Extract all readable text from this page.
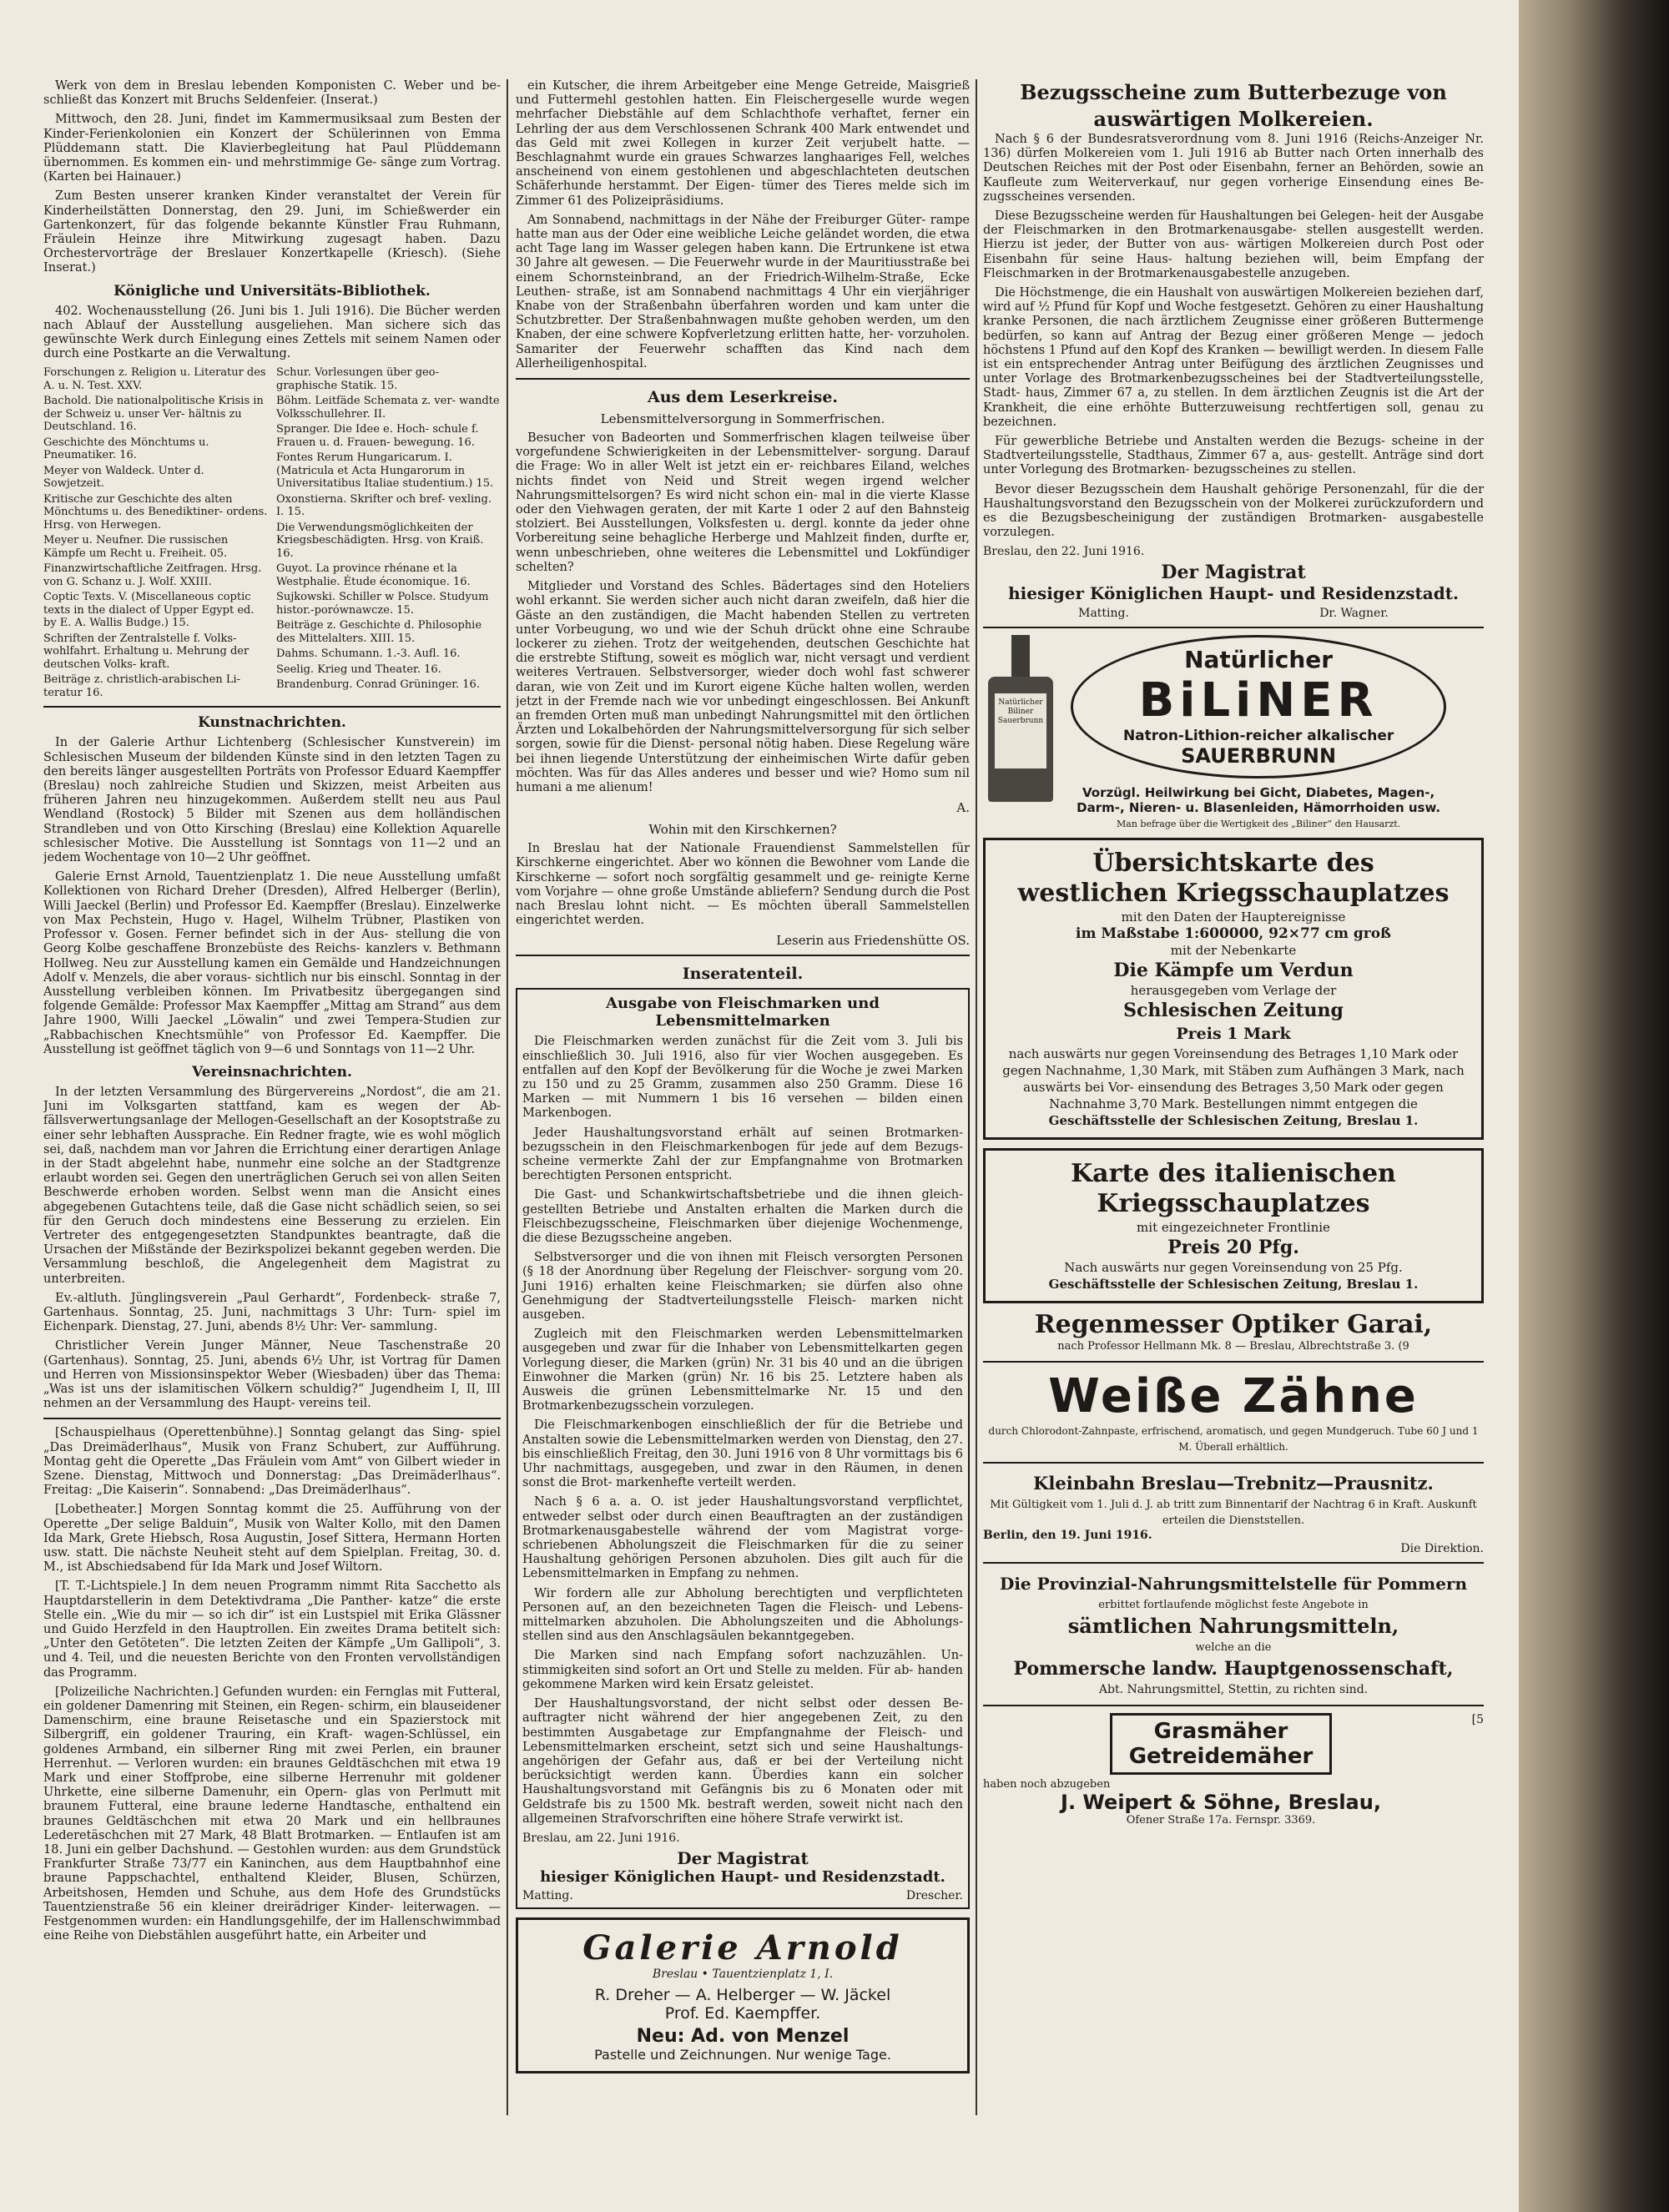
Werk von dem in Breslau lebenden Komponisten C. Weber und be- schließt das Konzert mit Bruchs Seldenfeier. (Inserat.)

Mittwoch, den 28. Juni, findet im Kammermusiksaal zum Besten der Kinder-Ferienkolonien ein Konzert der Schülerinnen von Emma Plüddemann statt. Die Klavierbegleitung hat Paul Plüddemann übernommen. Es kommen ein- und mehrstimmige Ge- sänge zum Vortrag. (Karten bei Hainauer.)

Zum Besten unserer kranken Kinder veranstaltet der Verein für Kinderheilstätten Donnerstag, den 29. Juni, im Schießwerder ein Gartenkonzert, für das folgende bekannte Künstler Frau Ruhmann, Fräulein Heinze ihre Mitwirkung zugesagt haben. Dazu Orchestervorträge der Breslauer Konzertkapelle (Kriesch). (Siehe Inserat.)

Königliche und Universitäts-Bibliothek.

402. Wochenausstellung (26. Juni bis 1. Juli 1916). Die Bücher werden nach Ablauf der Ausstellung ausgeliehen. Man sichere sich das gewünschte Werk durch Einlegung eines Zettels mit seinem Namen oder durch eine Postkarte an die Verwaltung.

Forschungen z. Religion u. Literatur des A. u. N. Test. XXV.
Bachold. Die nationalpolitische Krisis in der Schweiz u. unser Ver- hältnis zu Deutschland. 16.
Geschichte des Mönchtums u. Pneumatiker. 16.
Meyer von Waldeck. Unter d. Sowjetzeit.
Kritische zur Geschichte des alten Mönchtums u. des Benediktiner- ordens. Hrsg. von Herwegen.
Meyer u. Neufner. Die russischen Kämpfe um Recht u. Freiheit. 05.
Finanzwirtschaftliche Zeitfragen. Hrsg. von G. Schanz u. J. Wolf. XXIII.
Coptic Texts. V. (Miscellaneous coptic texts in the dialect of Upper Egypt ed. by E. A. Wallis Budge.) 15.
Schriften der Zentralstelle f. Volks- wohlfahrt. Erhaltung u. Mehrung der deutschen Volks- kraft.
Beiträge z. christlich-arabischen Li- teratur 16.
Schur. Vorlesungen über geo- graphische Statik. 15.
Böhm. Leitfäde Schemata z. ver- wandte Volksschullehrer. II.
Spranger. Die Idee e. Hoch- schule f. Frauen u. d. Frauen- bewegung. 16.
Fontes Rerum Hungaricarum. I. (Matricula et Acta Hungarorum in Universitatibus Italiae studentium.) 15.
Oxonstierna. Skrifter och bref- vexling. I. 15.
Die Verwendungsmöglichkeiten der Kriegsbeschädigten. Hrsg. von Kraiß. 16.
Guyot. La province rhénane et la Westphalie. Étude économique. 16.
Sujkowski. Schiller w Polsce. Studyum histor.-porównawcze. 15.
Beiträge z. Geschichte d. Philosophie des Mittelalters. XIII. 15.
Dahms. Schumann. 1.-3. Aufl. 16.
Seelig. Krieg und Theater. 16.
Brandenburg. Conrad Grüninger. 16.
Kunstnachrichten.

In der Galerie Arthur Lichtenberg (Schlesischer Kunstverein) im Schlesischen Museum der bildenden Künste sind in den letzten Tagen zu den bereits länger ausgestellten Porträts von Professor Eduard Kaempffer (Breslau) noch zahlreiche Studien und Skizzen, meist Arbeiten aus früheren Jahren neu hinzugekommen. Außerdem stellt neu aus Paul Wendland (Rostock) 5 Bilder mit Szenen aus dem holländischen Strandleben und von Otto Kirsching (Breslau) eine Kollektion Aquarelle schlesischer Motive. Die Ausstellung ist Sonntags von 11—2 und an jedem Wochentage von 10—2 Uhr geöffnet.

Galerie Ernst Arnold, Tauentzienplatz 1. Die neue Ausstellung umfaßt Kollektionen von Richard Dreher (Dresden), Alfred Helberger (Berlin), Willi Jaeckel (Berlin) und Professor Ed. Kaempffer (Breslau). Einzelwerke von Max Pechstein, Hugo v. Hagel, Wilhelm Trübner, Plastiken von Professor v. Gosen. Ferner befindet sich in der Aus- stellung die von Georg Kolbe geschaffene Bronzebüste des Reichs- kanzlers v. Bethmann Hollweg. Neu zur Ausstellung kamen ein Gemälde und Handzeichnungen Adolf v. Menzels, die aber voraus- sichtlich nur bis einschl. Sonntag in der Ausstellung verbleiben können. Im Privatbesitz übergegangen sind folgende Gemälde: Professor Max Kaempffer „Mittag am Strand“ aus dem Jahre 1900, Willi Jaeckel „Löwalin“ und zwei Tempera-Studien zur „Rabbachischen Knechtsmühle“ von Professor Ed. Kaempffer. Die Ausstellung ist geöffnet täglich von 9—6 und Sonntags von 11—2 Uhr.

Vereinsnachrichten.

In der letzten Versammlung des Bürgervereins „Nordost“, die am 21. Juni im Volksgarten stattfand, kam es wegen der Ab- fällsverwertungsanlage der Mellogen-Gesellschaft an der Kosoptstraße zu einer sehr lebhaften Aussprache. Ein Redner fragte, wie es wohl möglich sei, daß, nachdem man vor Jahren die Errichtung einer derartigen Anlage in der Stadt abgelehnt habe, nunmehr eine solche an der Stadtgrenze erlaubt worden sei. Gegen den unerträglichen Geruch sei von allen Seiten Beschwerde erhoben worden. Selbst wenn man die Ansicht eines abgegebenen Gutachtens teile, daß die Gase nicht schädlich seien, so sei für den Geruch doch mindestens eine Besserung zu erzielen. Ein Vertreter des entgegengesetzten Standpunktes beantragte, daß die Ursachen der Mißstände der Bezirkspolizei bekannt gegeben werden. Die Versammlung beschloß, die Angelegenheit dem Magistrat zu unterbreiten.

Ev.-altluth. Jünglingsverein „Paul Gerhardt“, Fordenbeck- straße 7, Gartenhaus. Sonntag, 25. Juni, nachmittags 3 Uhr: Turn- spiel im Eichenpark. Dienstag, 27. Juni, abends 8½ Uhr: Ver- sammlung.

Christlicher Verein Junger Männer, Neue Taschenstraße 20 (Gartenhaus). Sonntag, 25. Juni, abends 6½ Uhr, ist Vortrag für Damen und Herren von Missionsinspektor Weber (Wiesbaden) über das Thema: „Was ist uns der islamitischen Völkern schuldig?“ Jugendheim I, II, III nehmen an der Versammlung des Haupt- vereins teil.

[Schauspielhaus (Operettenbühne).] Sonntag gelangt das Sing- spiel „Das Dreimäderlhaus“, Musik von Franz Schubert, zur Aufführung. Montag geht die Operette „Das Fräulein vom Amt“ von Gilbert wieder in Szene. Dienstag, Mittwoch und Donnerstag: „Das Dreimäderlhaus“. Freitag: „Die Kaiserin“. Sonnabend: „Das Dreimäderlhaus“.

[Lobetheater.] Morgen Sonntag kommt die 25. Aufführung von der Operette „Der selige Balduin“, Musik von Walter Kollo, mit den Damen Ida Mark, Grete Hiebsch, Rosa Augustin, Josef Sittera, Hermann Horten usw. statt. Die nächste Neuheit steht auf dem Spielplan. Freitag, 30. d. M., ist Abschiedsabend für Ida Mark und Josef Wiltorn.

[T. T.-Lichtspiele.] In dem neuen Programm nimmt Rita Sacchetto als Hauptdarstellerin in dem Detektivdrama „Die Panther- katze“ die erste Stelle ein. „Wie du mir — so ich dir“ ist ein Lustspiel mit Erika Glässner und Guido Herzfeld in den Hauptrollen. Ein zweites Drama betitelt sich: „Unter den Getöteten“. Die letzten Zeiten der Kämpfe „Um Gallipoli“, 3. und 4. Teil, und die neuesten Berichte von den Fronten vervollständigen das Programm.

[Polizeiliche Nachrichten.] Gefunden wurden: ein Fernglas mit Futteral, ein goldener Damenring mit Steinen, ein Regen- schirm, ein blauseidener Damenschirm, eine braune Reisetasche und ein Spazierstock mit Silbergriff, ein goldener Trauring, ein Kraft- wagen-Schlüssel, ein goldenes Armband, ein silberner Ring mit zwei Perlen, ein brauner Herrenhut. — Verloren wurden: ein braunes Geldtäschchen mit etwa 19 Mark und einer Stoffprobe, eine silberne Herrenuhr mit goldener Uhrkette, eine silberne Damenuhr, ein Opern- glas von Perlmutt mit braunem Futteral, eine braune lederne Handtasche, enthaltend ein braunes Geldtäschchen mit etwa 20 Mark und ein hellbraunes Lederetäschchen mit 27 Mark, 48 Blatt Brotmarken. — Entlaufen ist am 18. Juni ein gelber Dachshund. — Gestohlen wurden: aus dem Grundstück Frankfurter Straße 73/77 ein Kaninchen, aus dem Hauptbahnhof eine braune Pappschachtel, enthaltend Kleider, Blusen, Schürzen, Arbeitshosen, Hemden und Schuhe, aus dem Hofe des Grundstücks Tauentzienstraße 56 ein kleiner dreirädriger Kinder- leiterwagen. — Festgenommen wurden: ein Handlungsgehilfe, der im Hallenschwimmbad eine Reihe von Diebstählen ausgeführt hatte, ein Arbeiter und

ein Kutscher, die ihrem Arbeitgeber eine Menge Getreide, Maisgrieß und Futtermehl gestohlen hatten. Ein Fleischergeselle wurde wegen mehrfacher Diebstähle auf dem Schlachthofe verhaftet, ferner ein Lehrling der aus dem Verschlossenen Schrank 400 Mark entwendet und das Geld mit zwei Kollegen in kurzer Zeit verjubelt hatte. — Beschlagnahmt wurde ein graues Schwarzes langhaariges Fell, welches anscheinend von einem gestohlenen und abgeschlachteten deutschen Schäferhunde herstammt. Der Eigen- tümer des Tieres melde sich im Zimmer 61 des Polizeipräsidiums.

Am Sonnabend, nachmittags in der Nähe der Freiburger Güter- rampe hatte man aus der Oder eine weibliche Leiche geländet worden, die etwa acht Tage lang im Wasser gelegen haben kann. Die Ertrunkene ist etwa 30 Jahre alt gewesen. — Die Feuerwehr wurde in der Mauritiusstraße bei einem Schornsteinbrand, an der Friedrich-Wilhelm-Straße, Ecke Leuthen- straße, ist am Sonnabend nachmittags 4 Uhr ein vierjähriger Knabe von der Straßenbahn überfahren worden und kam unter die Schutzbretter. Der Straßenbahnwagen mußte gehoben werden, um den Knaben, der eine schwere Kopfverletzung erlitten hatte, her- vorzuholen. Samariter der Feuerwehr schafften das Kind nach dem Allerheiligenhospital.

Aus dem Leserkreise.
Lebensmittelversorgung in Sommerfrischen.

Besucher von Badeorten und Sommerfrischen klagen teilweise über vorgefundene Schwierigkeiten in der Lebensmittelver- sorgung. Darauf die Frage: Wo in aller Welt ist jetzt ein er- reichbares Eiland, welches nichts findet von Neid und Streit wegen irgend welcher Nahrungsmittelsorgen? Es wird nicht schon ein- mal in die vierte Klasse oder den Viehwagen geraten, der mit Karte 1 oder 2 auf den Bahnsteig stolziert. Bei Ausstellungen, Volksfesten u. dergl. konnte da jeder ohne Vorbereitung seine behagliche Herberge und Mahlzeit finden, durfte er, wenn unbeschrieben, ohne weiteres die Lebensmittel und Lokfündiger schelten?

Mitglieder und Vorstand des Schles. Bädertages sind den Hoteliers wohl erkannt. Sie werden sicher auch nicht daran zweifeln, daß hier die Gäste an den zuständigen, die Macht habenden Stellen zu vertreten unter Vorbeugung, wo und wie der Schuh drückt ohne eine Schraube lockerer zu ziehen. Trotz der weitgehenden, deutschen Geschichte hat die erstrebte Stiftung, soweit es möglich war, nicht versagt und verdient weiteres Vertrauen. Selbstversorger, wieder doch wohl fast schwerer daran, wie von Zeit und im Kurort eigene Küche halten wollen, werden jetzt in der Fremde nach wie vor unbedingt eingeschlossen. Bei Ankunft an fremden Orten muß man unbedingt Nahrungsmittel mit den örtlichen Ärzten und Lokalbehörden der Nahrungsmittelversorgung für sich selber sorgen, sowie für die Dienst- personal nötig haben. Diese Regelung wäre bei ihnen liegende Unterstützung der einheimischen Wirte dafür geben möchten. Was für das Alles anderes und besser und wie? Homo sum nil humani a me alienum!

A.
Wohin mit den Kirschkernen?

In Breslau hat der Nationale Frauendienst Sammelstellen für Kirschkerne eingerichtet. Aber wo können die Bewohner vom Lande die Kirschkerne — sofort noch sorgfältig gesammelt und ge- reinigte Kerne vom Vorjahre — ohne große Umstände abliefern? Sendung durch die Post nach Breslau lohnt nicht. — Es möchten überall Sammelstellen eingerichtet werden.

Leserin aus Friedenshütte OS.
Inseratenteil.
Ausgabe von Fleischmarken und Lebensmittelmarken

Die Fleischmarken werden zunächst für die Zeit vom 3. Juli bis einschließlich 30. Juli 1916, also für vier Wochen ausgegeben. Es entfallen auf den Kopf der Bevölkerung für die Woche je zwei Marken zu 150 und zu 25 Gramm, zusammen also 250 Gramm. Diese 16 Marken — mit Nummern 1 bis 16 versehen — bilden einen Markenbogen.

Jeder Haushaltungsvorstand erhält auf seinen Brotmarken- bezugsschein in den Fleischmarkenbogen für jede auf dem Bezugs- scheine vermerkte Zahl der zur Empfangnahme von Brotmarken berechtigten Personen entspricht.

Die Gast- und Schankwirtschaftsbetriebe und die ihnen gleich- gestellten Betriebe und Anstalten erhalten die Marken durch die Fleischbezugsscheine, Fleischmarken über diejenige Wochenmenge, die diese Bezugsscheine angeben.

Selbstversorger und die von ihnen mit Fleisch versorgten Personen (§ 18 der Anordnung über Regelung der Fleischver- sorgung vom 20. Juni 1916) erhalten keine Fleischmarken; sie dürfen also ohne Genehmigung der Stadtverteilungsstelle Fleisch- marken nicht ausgeben.

Zugleich mit den Fleischmarken werden Lebensmittelmarken ausgegeben und zwar für die Inhaber von Lebensmittelkarten gegen Vorlegung dieser, die Marken (grün) Nr. 31 bis 40 und an die übrigen Einwohner die Marken (grün) Nr. 16 bis 25. Letztere haben als Ausweis die grünen Lebensmittelmarke Nr. 15 und den Brotmarkenbezugsschein vorzulegen.

Die Fleischmarkenbogen einschließlich der für die Betriebe und Anstalten sowie die Lebensmittelmarken werden von Dienstag, den 27. bis einschließlich Freitag, den 30. Juni 1916 von 8 Uhr vormittags bis 6 Uhr nachmittags, ausgegeben, und zwar in den Räumen, in denen sonst die Brot- markenhefte verteilt werden.

Nach § 6 a. a. O. ist jeder Haushaltungsvorstand verpflichtet, entweder selbst oder durch einen Beauftragten an der zuständigen Brotmarkenausgabestelle während der vom Magistrat vorge- schriebenen Abholungszeit die Fleischmarken für die zu seiner Haushaltung gehörigen Personen abzuholen. Dies gilt auch für die Lebensmittelmarken in Empfang zu nehmen.

Wir fordern alle zur Abholung berechtigten und verpflichteten Personen auf, an den bezeichneten Tagen die Fleisch- und Lebens- mittelmarken abzuholen. Die Abholungszeiten und die Abholungs- stellen sind aus den Anschlagsäulen bekanntgegeben.

Die Marken sind nach Empfang sofort nachzuzählen. Un- stimmigkeiten sind sofort an Ort und Stelle zu melden. Für ab- handen gekommene Marken wird kein Ersatz geleistet.

Der Haushaltungsvorstand, der nicht selbst oder dessen Be- auftragter nicht während der hier angegebenen Zeit, zu den bestimmten Ausgabetage zur Empfangnahme der Fleisch- und Lebensmittelmarken erscheint, setzt sich und seine Haushaltungs- angehörigen der Gefahr aus, daß er bei der Verteilung nicht berücksichtigt werden kann. Überdies kann ein solcher Haushaltungsvorstand mit Gefängnis bis zu 6 Monaten oder mit Geldstrafe bis zu 1500 Mk. bestraft werden, soweit nicht nach den allgemeinen Strafvorschriften eine höhere Strafe verwirkt ist.

Breslau, am 22. Juni 1916.
Der Magistrat
hiesiger Königlichen Haupt- und Residenzstadt.
Matting.	Drescher.
Galerie Arnold
Breslau • Tauentzienplatz 1, I.
R. Dreher — A. Helberger — W. Jäckel
Prof. Ed. Kaempffer.
Neu: Ad. von Menzel
Pastelle und Zeichnungen. Nur wenige Tage.
Bezugsscheine zum Butterbezuge von auswärtigen Molkereien.

Nach § 6 der Bundesratsverordnung vom 8. Juni 1916 (Reichs-Anzeiger Nr. 136) dürfen Molkereien vom 1. Juli 1916 ab Butter nach Orten innerhalb des Deutschen Reiches mit der Post oder Eisenbahn, ferner an Behörden, sowie an Kaufleute zum Weiterverkauf, nur gegen vorherige Einsendung eines Be- zugsscheines versenden.

Diese Bezugsscheine werden für Haushaltungen bei Gelegen- heit der Ausgabe der Fleischmarken in den Brotmarkenausgabe- stellen ausgestellt werden. Hierzu ist jeder, der Butter von aus- wärtigen Molkereien durch Post oder Eisenbahn für seine Haus- haltung beziehen will, beim Empfang der Fleischmarken in der Brotmarkenausgabestelle anzugeben.

Die Höchstmenge, die ein Haushalt von auswärtigen Molkereien beziehen darf, wird auf ½ Pfund für Kopf und Woche festgesetzt. Gehören zu einer Haushaltung kranke Personen, die nach ärztlichem Zeugnisse einer größeren Buttermenge bedürfen, so kann auf Antrag der Bezug einer größeren Menge — jedoch höchstens 1 Pfund auf den Kopf des Kranken — bewilligt werden. In diesem Falle ist ein entsprechender Antrag unter Beifügung des ärztlichen Zeugnisses und unter Vorlage des Brotmarkenbezugsscheines bei der Stadtverteilungsstelle, Stadt- haus, Zimmer 67 a, zu stellen. In dem ärztlichen Zeugnis ist die Art der Krankheit, die eine erhöhte Butterzuweisung rechtfertigen soll, genau zu bezeichnen.

Für gewerbliche Betriebe und Anstalten werden die Bezugs- scheine in der Stadtverteilungsstelle, Stadthaus, Zimmer 67 a, aus- gestellt. Anträge sind dort unter Vorlegung des Brotmarken- bezugsscheines zu stellen.

Bevor dieser Bezugsschein dem Haushalt gehörige Personenzahl, für die der Haushaltungsvorstand den Bezugsschein von der Molkerei zurückzufordern und es die Bezugsbescheinigung der zuständigen Brotmarken- ausgabestelle vorzulegen.

Breslau, den 22. Juni 1916.
Der Magistrat
hiesiger Königlichen Haupt- und Residenzstadt.
Matting.	Dr. Wagner.
Natürlicher Biliner Sauerbrunn

Natürlicher
BiLiNER
Natron-Lithion-reicher alkalischer
SAUERBRUNN
Vorzügl. Heilwirkung bei Gicht, Diabetes, Magen-, Darm-, Nieren- u. Blasenleiden, Hämorrhoiden usw.
Man befrage über die Wertigkeit des „Biliner“ den Hausarzt.
Übersichtskarte des
westlichen Kriegsschauplatzes
mit den Daten der Hauptereignisse
im Maßstabe 1:600000, 92×77 cm groß
mit der Nebenkarte
Die Kämpfe um Verdun
herausgegeben vom Verlage der
Schlesischen Zeitung
Preis 1 Mark
nach auswärts nur gegen Voreinsendung des Betrages 1,10 Mark oder gegen Nachnahme, 1,30 Mark, mit Stäben zum Aufhängen 3 Mark, nach auswärts bei Vor- einsendung des Betrages 3,50 Mark oder gegen Nachnahme 3,70 Mark. Bestellungen nimmt entgegen die
Geschäftsstelle der Schlesischen Zeitung, Breslau 1.
Karte des italienischen
Kriegsschauplatzes
mit eingezeichneter Frontlinie
Preis 20 Pfg.
Nach auswärts nur gegen Voreinsendung von 25 Pfg.
Geschäftsstelle der Schlesischen Zeitung, Breslau 1.
Regenmesser Optiker Garai,
nach Professor Hellmann Mk. 8 — Breslau, Albrechtstraße 3. (9
Weiße Zähne
durch Chlorodont-Zahnpaste, erfrischend, aromatisch, und gegen Mundgeruch. Tube 60 J und 1 M. Überall erhältlich.
Kleinbahn Breslau—Trebnitz—Prausnitz.
Mit Gültigkeit vom 1. Juli d. J. ab tritt zum Binnentarif der Nachtrag 6 in Kraft. Auskunft erteilen die Dienststellen.
Berlin, den 19. Juni 1916.
Die Direktion.
Die Provinzial-Nahrungsmittelstelle für Pommern
erbittet fortlaufende möglichst feste Angebote in
sämtlichen Nahrungsmitteln,
welche an die
Pommersche landw. Hauptgenossenschaft,
Abt. Nahrungsmittel, Stettin, zu richten sind.
Grasmäher
Getreidemäher
haben noch abzugeben
J. Weipert & Söhne, Breslau,
Ofener Straße 17a. Fernspr. 3369.
[5
